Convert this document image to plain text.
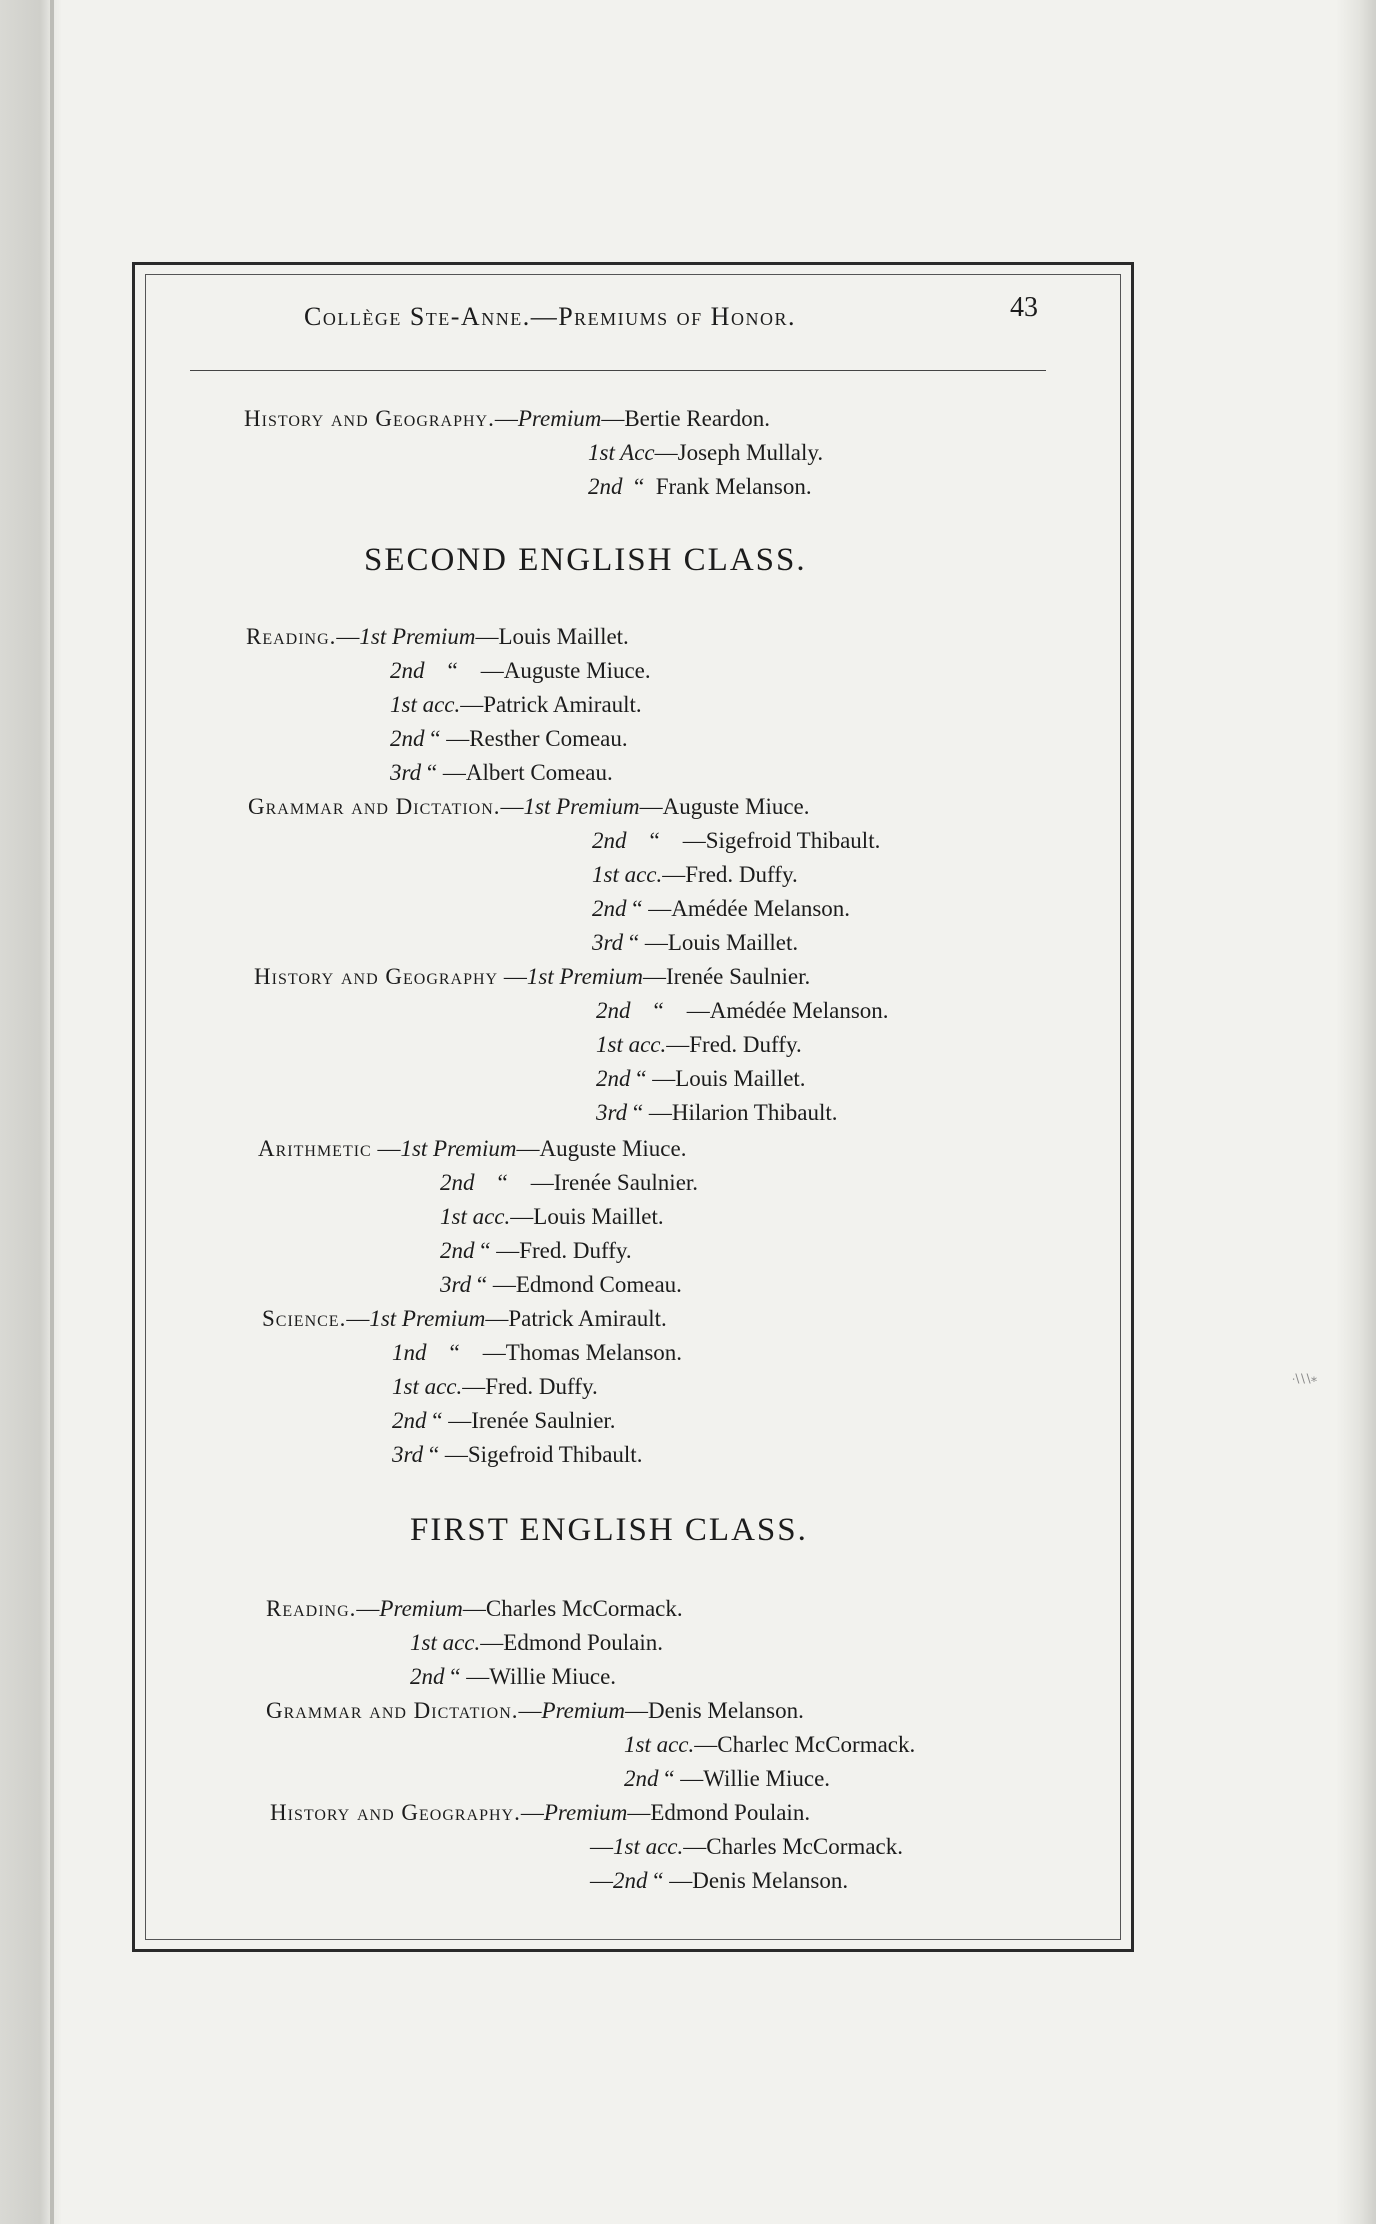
∙∖∖∖∗
Collège Ste-Anne.—Premiums of Honor.	43
History and Geography.—Premium—Bertie Reardon.
1st Acc—Joseph Mullaly.
2nd  “  Frank Melanson.
SECOND ENGLISH CLASS.
Reading.—1st Premium—Louis Maillet.
2nd    “    —Auguste Miuce.
1st acc.—Patrick Amirault.
2nd “ —Resther Comeau.
3rd “ —Albert Comeau.
Grammar and Dictation.—1st Premium—Auguste Miuce.
2nd    “    —Sigefroid Thibault.
1st acc.—Fred. Duffy.
2nd “ —Amédée Melanson.
3rd “ —Louis Maillet.
History and Geography —1st Premium—Irenée Saulnier.
2nd    “    —Amédée Melanson.
1st acc.—Fred. Duffy.
2nd “ —Louis Maillet.
3rd “ —Hilarion Thibault.
Arithmetic —1st Premium—Auguste Miuce.
2nd    “    —Irenée Saulnier.
1st acc.—Louis Maillet.
2nd “ —Fred. Duffy.
3rd “ —Edmond Comeau.
Science.—1st Premium—Patrick Amirault.
1nd    “    —Thomas Melanson.
1st acc.—Fred. Duffy.
2nd “ —Irenée Saulnier.
3rd “ —Sigefroid Thibault.
FIRST ENGLISH CLASS.
Reading.—Premium—Charles McCormack.
1st acc.—Edmond Poulain.
2nd “ —Willie Miuce.
Grammar and Dictation.—Premium—Denis Melanson.
1st acc.—Charlec McCormack.
2nd “ —Willie Miuce.
History and Geography.—Premium—Edmond Poulain.
—1st acc.—Charles McCormack.
—2nd “ —Denis Melanson.
